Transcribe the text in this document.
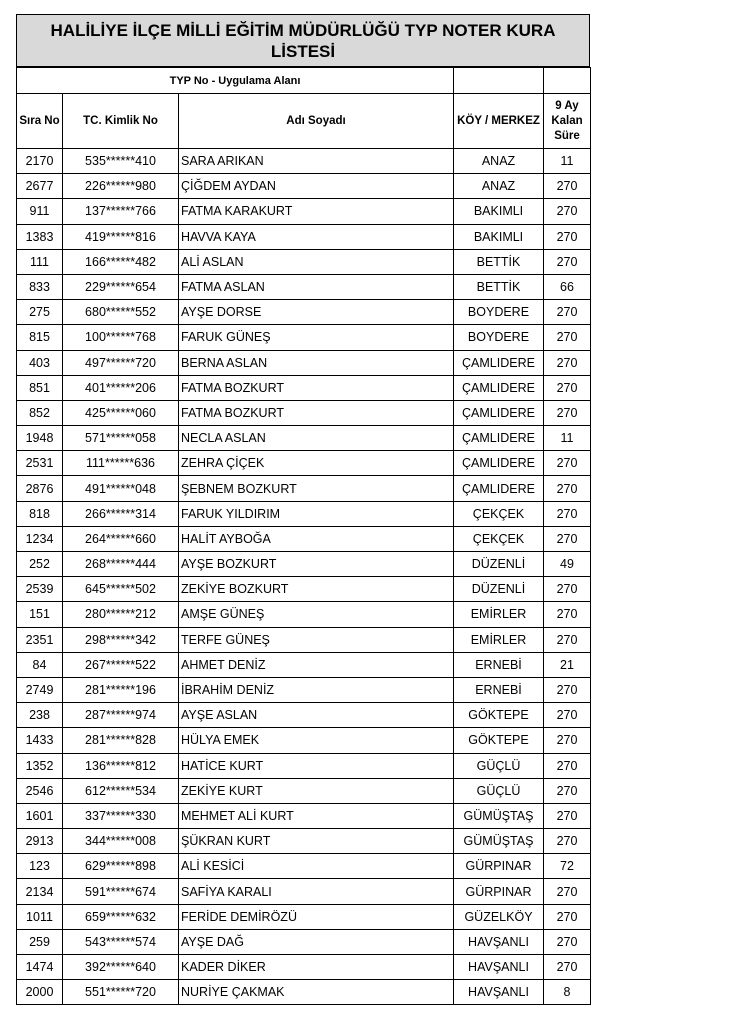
HALİLİYE İLÇE MİLLİ EĞİTİM MÜDÜRLÜĞÜ TYP NOTER KURA LİSTESİ
TYP No - Uygulama Alanı				
Sıra No	TC. Kimlik No	Adı Soyadı	KÖY / MERKEZ	9 Ay Kalan Süre
2170	535******410	SARA ARIKAN	ANAZ	11
2677	226******980	ÇİĞDEM AYDAN	ANAZ	270
911	137******766	FATMA KARAKURT	BAKIMLI	270
1383	419******816	HAVVA KAYA	BAKIMLI	270
111	166******482	ALİ ASLAN	BETTİK	270
833	229******654	FATMA ASLAN	BETTİK	66
275	680******552	AYŞE DORSE	BOYDERE	270
815	100******768	FARUK GÜNEŞ	BOYDERE	270
403	497******720	BERNA ASLAN	ÇAMLIDERE	270
851	401******206	FATMA BOZKURT	ÇAMLIDERE	270
852	425******060	FATMA BOZKURT	ÇAMLIDERE	270
1948	571******058	NECLA ASLAN	ÇAMLIDERE	11
2531	111******636	ZEHRA ÇİÇEK	ÇAMLIDERE	270
2876	491******048	ŞEBNEM BOZKURT	ÇAMLIDERE	270
818	266******314	FARUK YILDIRIM	ÇEKÇEK	270
1234	264******660	HALİT AYBOĞA	ÇEKÇEK	270
252	268******444	AYŞE BOZKURT	DÜZENLİ	49
2539	645******502	ZEKİYE BOZKURT	DÜZENLİ	270
151	280******212	AMŞE GÜNEŞ	EMİRLER	270
2351	298******342	TERFE GÜNEŞ	EMİRLER	270
84	267******522	AHMET DENİZ	ERNEBİ	21
2749	281******196	İBRAHİM DENİZ	ERNEBİ	270
238	287******974	AYŞE ASLAN	GÖKTEPE	270
1433	281******828	HÜLYA EMEK	GÖKTEPE	270
1352	136******812	HATİCE KURT	GÜÇLÜ	270
2546	612******534	ZEKİYE KURT	GÜÇLÜ	270
1601	337******330	MEHMET ALİ KURT	GÜMÜŞTAŞ	270
2913	344******008	ŞÜKRAN KURT	GÜMÜŞTAŞ	270
123	629******898	ALİ KESİCİ	GÜRPINAR	72
2134	591******674	SAFİYA KARALI	GÜRPINAR	270
1011	659******632	FERİDE DEMİRÖZÜ	GÜZELKÖY	270
259	543******574	AYŞE DAĞ	HAVŞANLI	270
1474	392******640	KADER DİKER	HAVŞANLI	270
2000	551******720	NURİYE ÇAKMAK	HAVŞANLI	8
